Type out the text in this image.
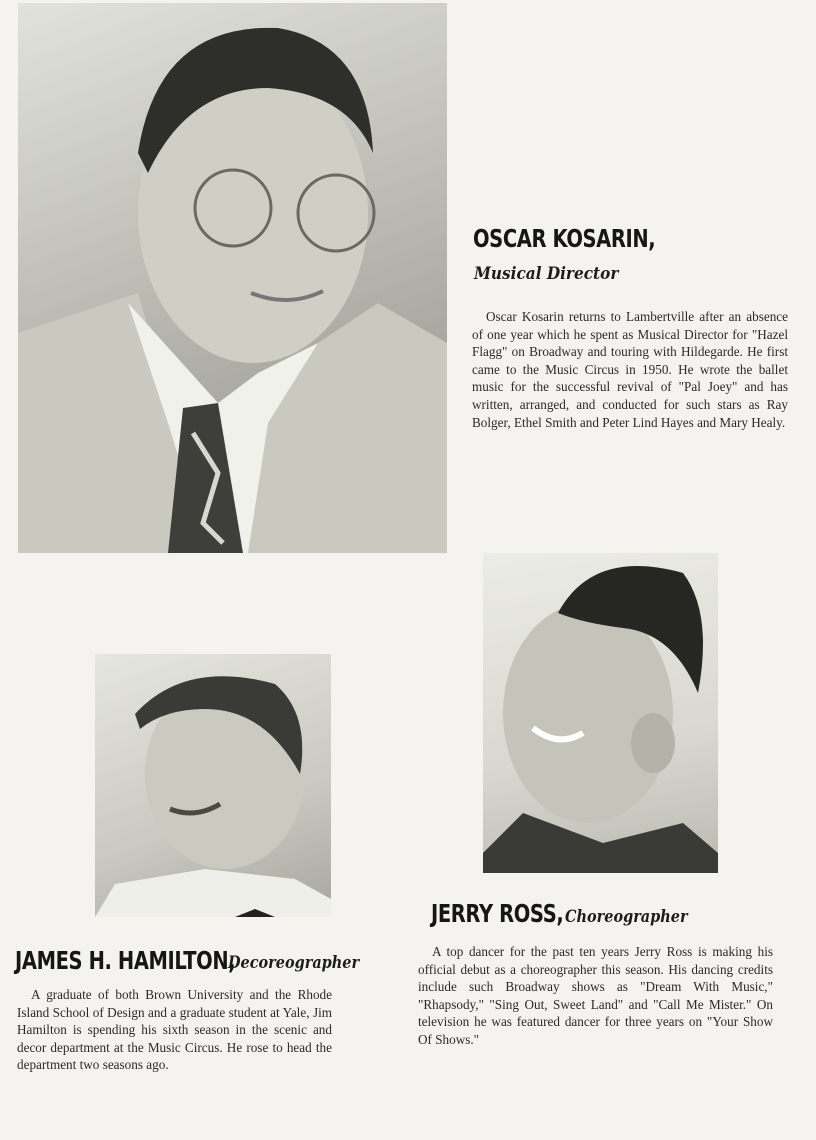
OSCAR KOSARIN,
Musical Director

Oscar Kosarin returns to Lambertville after an absence of one year which he spent as Musical Director for "Hazel Flagg" on Broadway and touring with Hildegarde. He first came to the Music Circus in 1950. He wrote the ballet music for the successful revival of "Pal Joey" and has written, arranged, and conducted for such stars as Ray Bolger, Ethel Smith and Peter Lind Hayes and Mary Healy.

JERRY ROSS, Choreographer

A top dancer for the past ten years Jerry Ross is making his official debut as a choreographer this season. His dancing credits include such Broadway shows as "Dream With Music," "Rhapsody," "Sing Out, Sweet Land" and "Call Me Mister." On television he was featured dancer for three years on "Your Show Of Shows."

JAMES H. HAMILTON,
Decoreographer

A graduate of both Brown University and the Rhode Island School of Design and a graduate student at Yale, Jim Hamilton is spending his sixth season in the scenic and decor department at the Music Circus. He rose to head the department two seasons ago.
